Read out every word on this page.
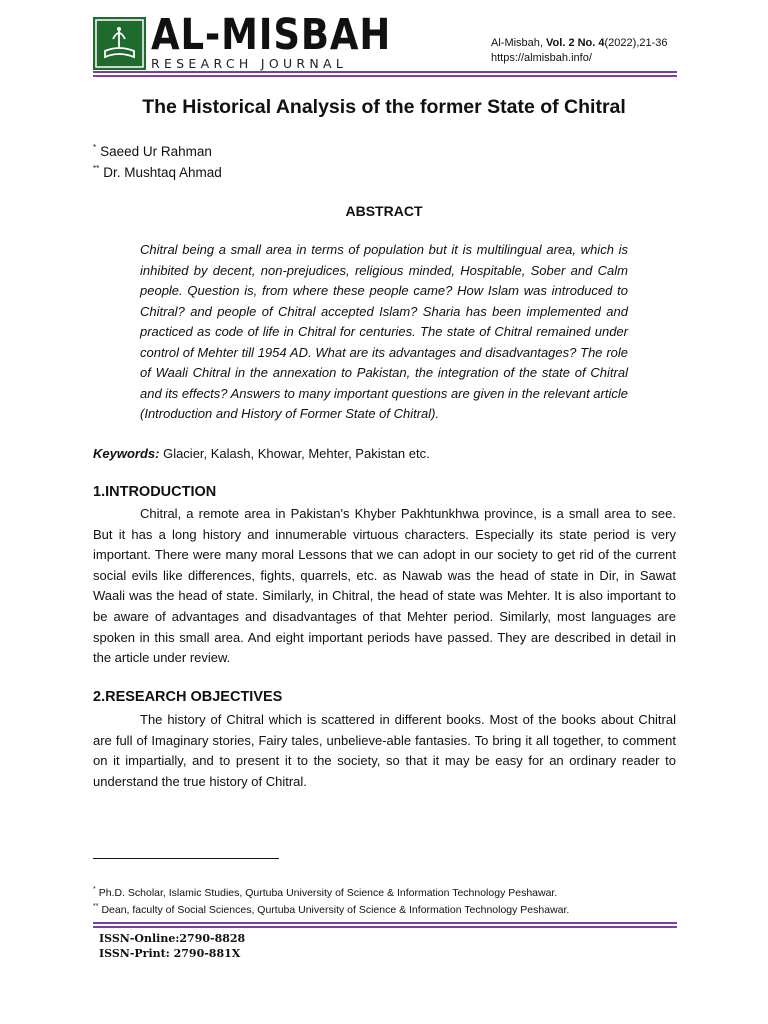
AL-MISBAH
RESEARCH JOURNAL
Al-Misbah, Vol. 2 No. 4(2022),21-36
https://almisbah.info/
The Historical Analysis of the former State of Chitral
* Saeed Ur Rahman
** Dr. Mushtaq Ahmad
ABSTRACT

Chitral being a small area in terms of population but it is multilingual area, which is inhibited by decent, non-prejudices, religious minded, Hospitable, Sober and Calm people. Question is, from where these people came? How Islam was introduced to Chitral? and people of Chitral accepted Islam? Sharia has been implemented and practiced as code of life in Chitral for centuries. The state of Chitral remained under control of Mehter till 1954 AD. What are its advantages and disadvantages? The role of Waali Chitral in the annexation to Pakistan, the integration of the state of Chitral and its effects? Answers to many important questions are given in the relevant article (Introduction and History of Former State of Chitral).

Keywords: Glacier, Kalash, Khowar, Mehter, Pakistan etc.
1.INTRODUCTION

Chitral, a remote area in Pakistan's Khyber Pakhtunkhwa province, is a small area to see. But it has a long history and innumerable virtuous characters. Especially its state period is very important. There were many moral Lessons that we can adopt in our society to get rid of the current social evils like differences, fights, quarrels, etc. as Nawab was the head of state in Dir, in Sawat Waali was the head of state. Similarly, in Chitral, the head of state was Mehter. It is also important to be aware of advantages and disadvantages of that Mehter period. Similarly, most languages are spoken in this small area. And eight important periods have passed. They are described in detail in the article under review.

2.RESEARCH OBJECTIVES

The history of Chitral which is scattered in different books. Most of the books about Chitral are full of Imaginary stories, Fairy tales, unbelieve-able fantasies. To bring it all together, to comment on it impartially, and to present it to the society, so that it may be easy for an ordinary reader to understand the true history of Chitral.

* Ph.D. Scholar, Islamic Studies, Qurtuba University of Science & Information Technology Peshawar.
** Dean, faculty of Social Sciences, Qurtuba University of Science & Information Technology Peshawar.
ISSN-Online:2790-8828
ISSN-Print: 2790-881X
